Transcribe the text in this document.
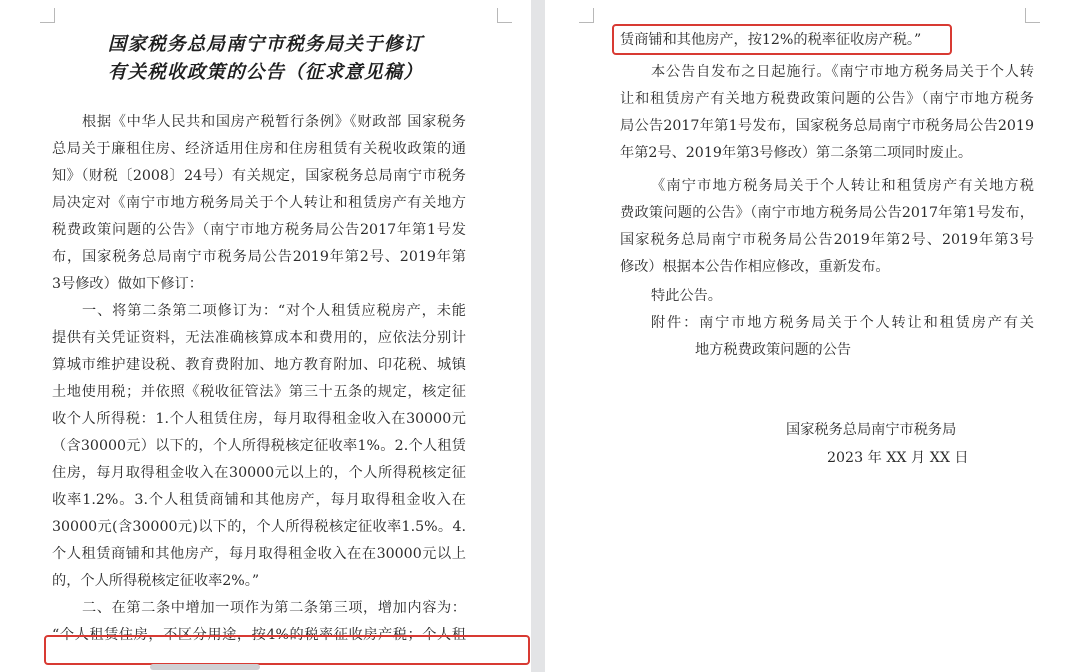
国家税务总局南宁市税务局关于修订
有关税收政策的公告（征求意见稿）
根据《中华人民共和国房产税暂行条例》《财政部 国家税务
总局关于廉租住房、经济适用住房和住房租赁有关税收政策的通
知》（财税〔2008〕24号）有关规定，国家税务总局南宁市税务
局决定对《南宁市地方税务局关于个人转让和租赁房产有关地方
税费政策问题的公告》（南宁市地方税务局公告2017年第1号发
布，国家税务总局南宁市税务局公告2019年第2号、2019年第
3号修改）做如下修订：
一、将第二条第二项修订为：“对个人租赁应税房产，未能
提供有关凭证资料，无法准确核算成本和费用的，应依法分别计
算城市维护建设税、教育费附加、地方教育附加、印花税、城镇
土地使用税；并依照《税收征管法》第三十五条的规定，核定征
收个人所得税：1.个人租赁住房，每月取得租金收入在30000元
（含30000元）以下的，个人所得税核定征收率1%。2.个人租赁
住房，每月取得租金收入在30000元以上的，个人所得税核定征
收率1.2%。3.个人租赁商铺和其他房产，每月取得租金收入在
30000元(含30000元)以下的，个人所得税核定征收率1.5%。4.
个人租赁商铺和其他房产，每月取得租金收入在在30000元以上
的，个人所得税核定征收率2%。”
二、在第二条中增加一项作为第二条第三项，增加内容为：
“个人租赁住房，不区分用途，按4%的税率征收房产税；个人租
赁商铺和其他房产，按12%的税率征收房产税。”
本公告自发布之日起施行。《南宁市地方税务局关于个人转
让和租赁房产有关地方税费政策问题的公告》（南宁市地方税务
局公告2017年第1号发布，国家税务总局南宁市税务局公告2019
年第2号、2019年第3号修改）第二条第二项同时废止。
《南宁市地方税务局关于个人转让和租赁房产有关地方税
费政策问题的公告》（南宁市地方税务局公告2017年第1号发布，
国家税务总局南宁市税务局公告2019年第2号、2019年第3号
修改）根据本公告作相应修改，重新发布。
特此公告。
附件：南宁市地方税务局关于个人转让和租赁房产有关
地方税费政策问题的公告
国家税务总局南宁市税务局
2023 年 XX 月 XX 日
